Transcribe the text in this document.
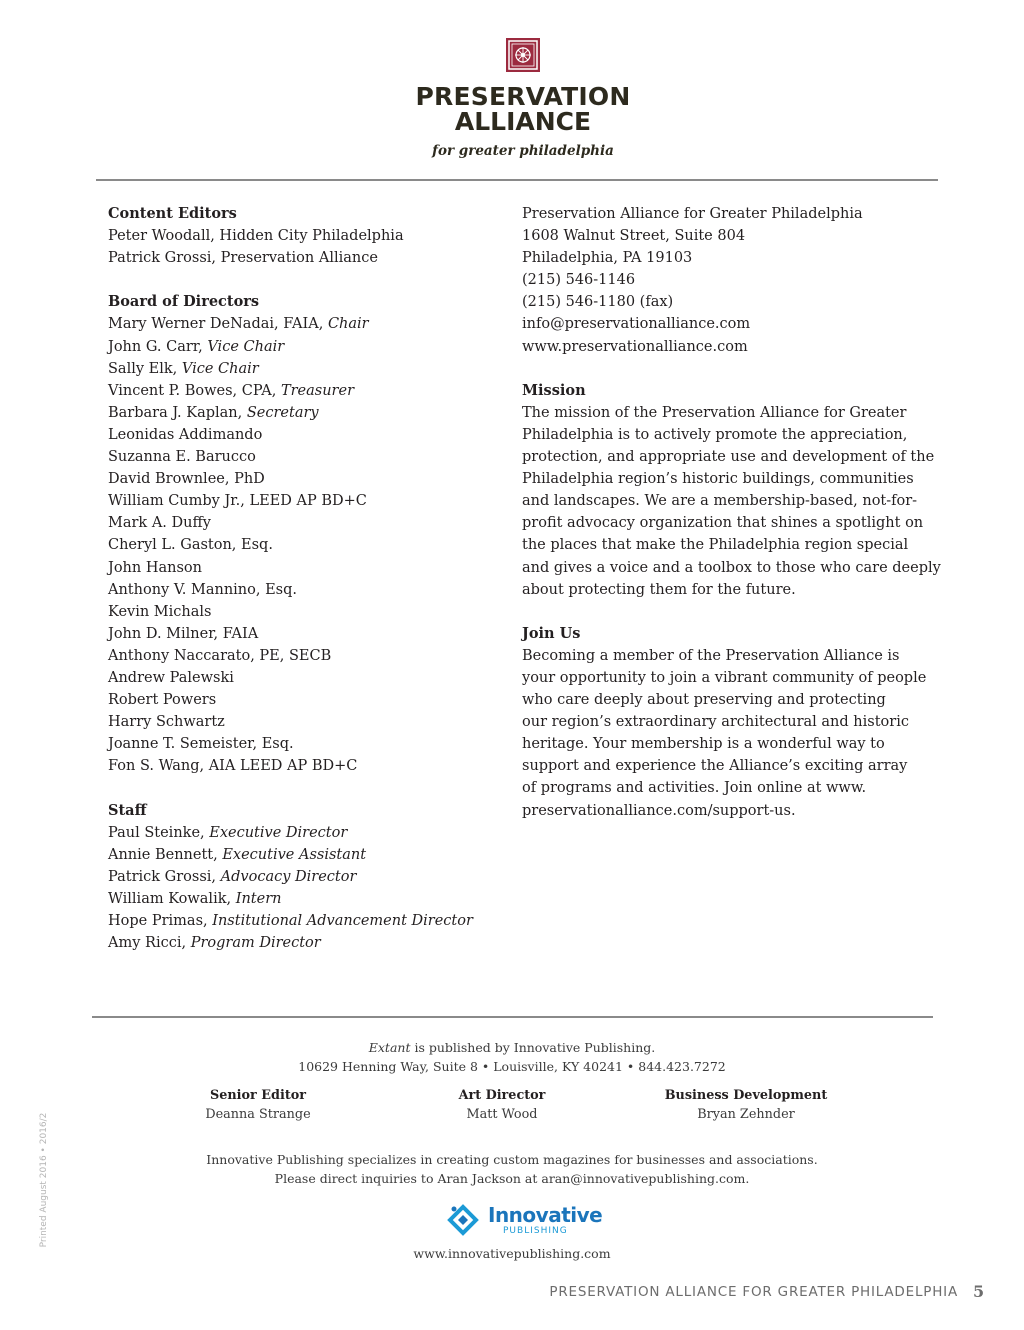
PRESERVATION
ALLIANCE
for greater philadelphia
Content Editors
Peter Woodall, Hidden City Philadelphia
Patrick Grossi, Preservation Alliance
Board of Directors
Mary Werner DeNadai, FAIA, Chair
John G. Carr, Vice Chair
Sally Elk, Vice Chair
Vincent P. Bowes, CPA, Treasurer
Barbara J. Kaplan, Secretary
Leonidas Addimando
Suzanna E. Barucco
David Brownlee, PhD
William Cumby Jr., LEED AP BD+C
Mark A. Duffy
Cheryl L. Gaston, Esq.
John Hanson
Anthony V. Mannino, Esq.
Kevin Michals
John D. Milner, FAIA
Anthony Naccarato, PE, SECB
Andrew Palewski
Robert Powers
Harry Schwartz
Joanne T. Semeister, Esq.
Fon S. Wang, AIA LEED AP BD+C
Staff
Paul Steinke, Executive Director
Annie Bennett, Executive Assistant
Patrick Grossi, Advocacy Director
William Kowalik, Intern
Hope Primas, Institutional Advancement Director
Amy Ricci, Program Director
Preservation Alliance for Greater Philadelphia
1608 Walnut Street, Suite 804
Philadelphia, PA 19103
(215) 546-1146
(215) 546-1180 (fax)
info@preservationalliance.com
www.preservationalliance.com
Mission
The mission of the Preservation Alliance for Greater
Philadelphia is to actively promote the appreciation,
protection, and appropriate use and development of the
Philadelphia region’s historic buildings, communities
and landscapes. We are a membership-based, not-for-
profit advocacy organization that shines a spotlight on
the places that make the Philadelphia region special
and gives a voice and a toolbox to those who care deeply
about protecting them for the future.
Join Us
Becoming a member of the Preservation Alliance is
your opportunity to join a vibrant community of people
who care deeply about preserving and protecting
our region’s extraordinary architectural and historic
heritage. Your membership is a wonderful way to
support and experience the Alliance’s exciting array
of programs and activities. Join online at www.
preservationalliance.com/support-us.
Extant is published by Innovative Publishing.
10629 Henning Way, Suite 8 • Louisville, KY 40241 • 844.423.7272
Senior Editor
Deanna Strange
Art Director
Matt Wood
Business Development
Bryan Zehnder
Innovative Publishing specializes in creating custom magazines for businesses and associations.
Please direct inquiries to Aran Jackson at aran@innovativepublishing.com.
Innovative
PUBLISHING
www.innovativepublishing.com
Printed August 2016 • 2016/2
PRESERVATION ALLIANCE FOR GREATER PHILADELPHIA 5
